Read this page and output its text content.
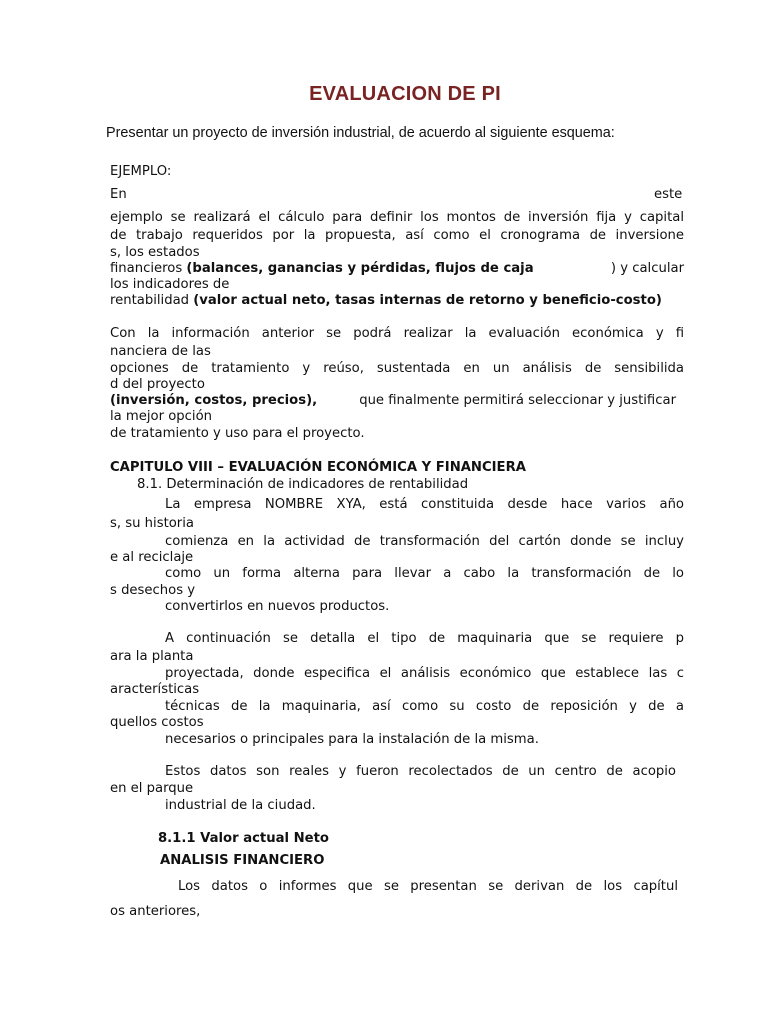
EVALUACION DE PI
Presentar un proyecto de inversión industrial, de acuerdo al siguiente esquema:
EJEMPLO:
En	este
ejemplo se realizará el cálculo para definir los montos de inversión fija y capital
de trabajo requeridos por la propuesta, así como el cronograma de inversione
s, los estados
financieros (balances, ganancias y pérdidas, flujos de caja	) y calcular
los indicadores de
rentabilidad (valor actual neto, tasas internas de retorno y beneficio-costo)
Con la información anterior se podrá realizar la evaluación económica y fi
nanciera de las
opciones de tratamiento y reúso, sustentada en un análisis de sensibilida
d del proyecto
(inversión, costos, precios),	que finalmente permitirá seleccionar y justificar
la mejor opción
de tratamiento y uso para el proyecto.
CAPITULO VIII – EVALUACIÓN ECONÓMICA Y FINANCIERA
8.1. Determinación de indicadores de rentabilidad
La empresa NOMBRE XYA, está constituida desde hace varios año
s, su historia
comienza en la actividad de transformación del cartón donde se incluy
e al reciclaje
como un forma alterna para llevar a cabo la transformación de lo
s desechos y
convertirlos en nuevos productos.
A continuación se detalla el tipo de maquinaria que se requiere p
ara la planta
proyectada, donde especifica el análisis económico que establece las c
aracterísticas
técnicas de la maquinaria, así como su costo de reposición y de a
quellos costos
necesarios o principales para la instalación de la misma.
Estos datos son reales y fueron recolectados de un centro de acopio
en el parque
industrial de la ciudad.
8.1.1 Valor actual Neto
ANALISIS FINANCIERO
Los datos o informes que se presentan se derivan de los capítul
os anteriores,
